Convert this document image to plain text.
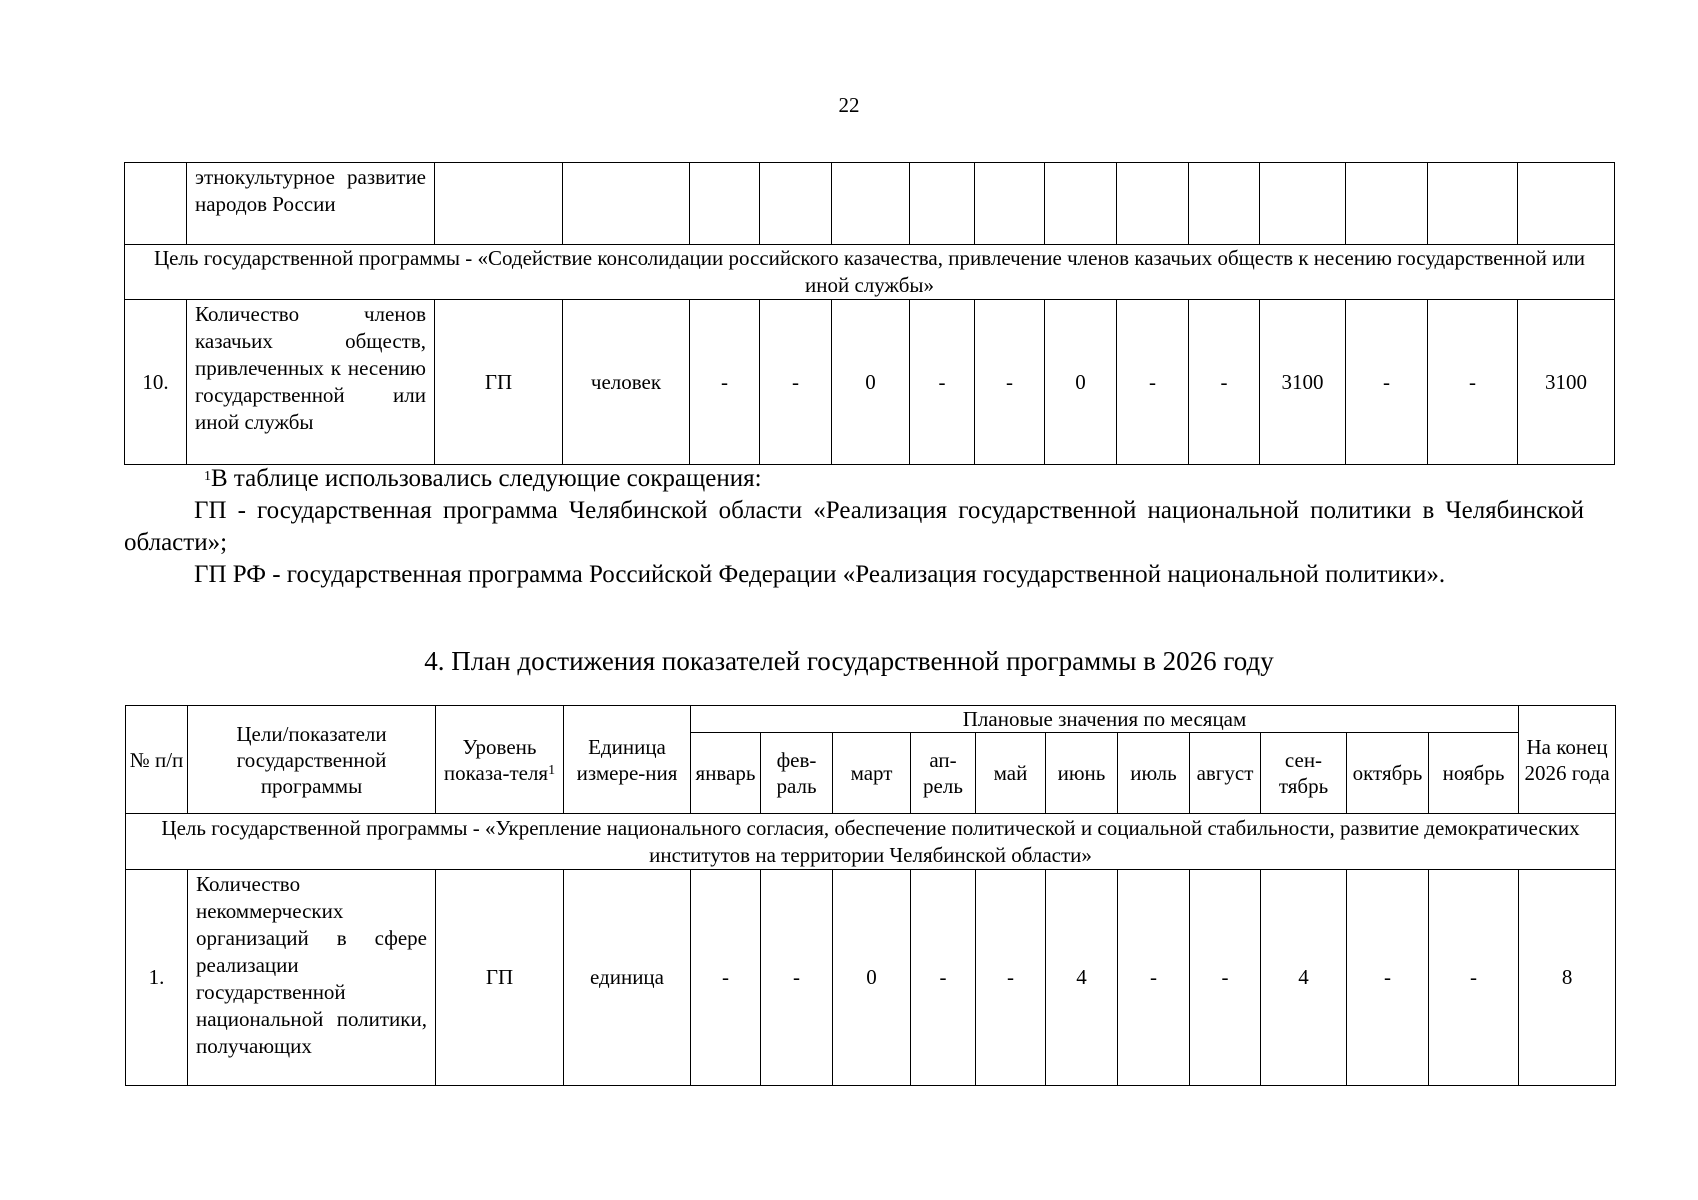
22
	этнокультурное развитие народов России														
Цель государственной программы - «Содействие консолидации российского казачества, привлечение членов казачьих обществ к несению государственной или иной службы»															
10.	Количество членов казачьих обществ, привлеченных к несению государственной или иной службы	ГП	человек	-	-	0	-	-	0	-	-	3100	-	-	3100

$^1$В таблице использовались следующие сокращения:

ГП - государственная программа Челябинской области «Реализация государственной национальной политики в Челябинской области»;

ГП РФ - государственная программа Российской Федерации «Реализация государственной национальной политики».

4. План достижения показателей государственной программы в 2026 году
№ п/п	Цели/показатели государственной программы	Уровень показа-теля$^1$	Единица измере-ния	Плановые значения по месяцам											На конец 2026 года
				январь	фев-раль	март	ап-рель	май	июнь	июль	август	сен-тябрь	октябрь	ноябрь	
Цель государственной программы - «Укрепление национального согласия, обеспечение политической и социальной стабильности, развитие демократических институтов на территории Челябинской области»															
1.	Количество некоммерческих организаций в сфере реализации государственной национальной политики, получающих	ГП	единица	-	-	0	-	-	4	-	-	4	-	-	8
